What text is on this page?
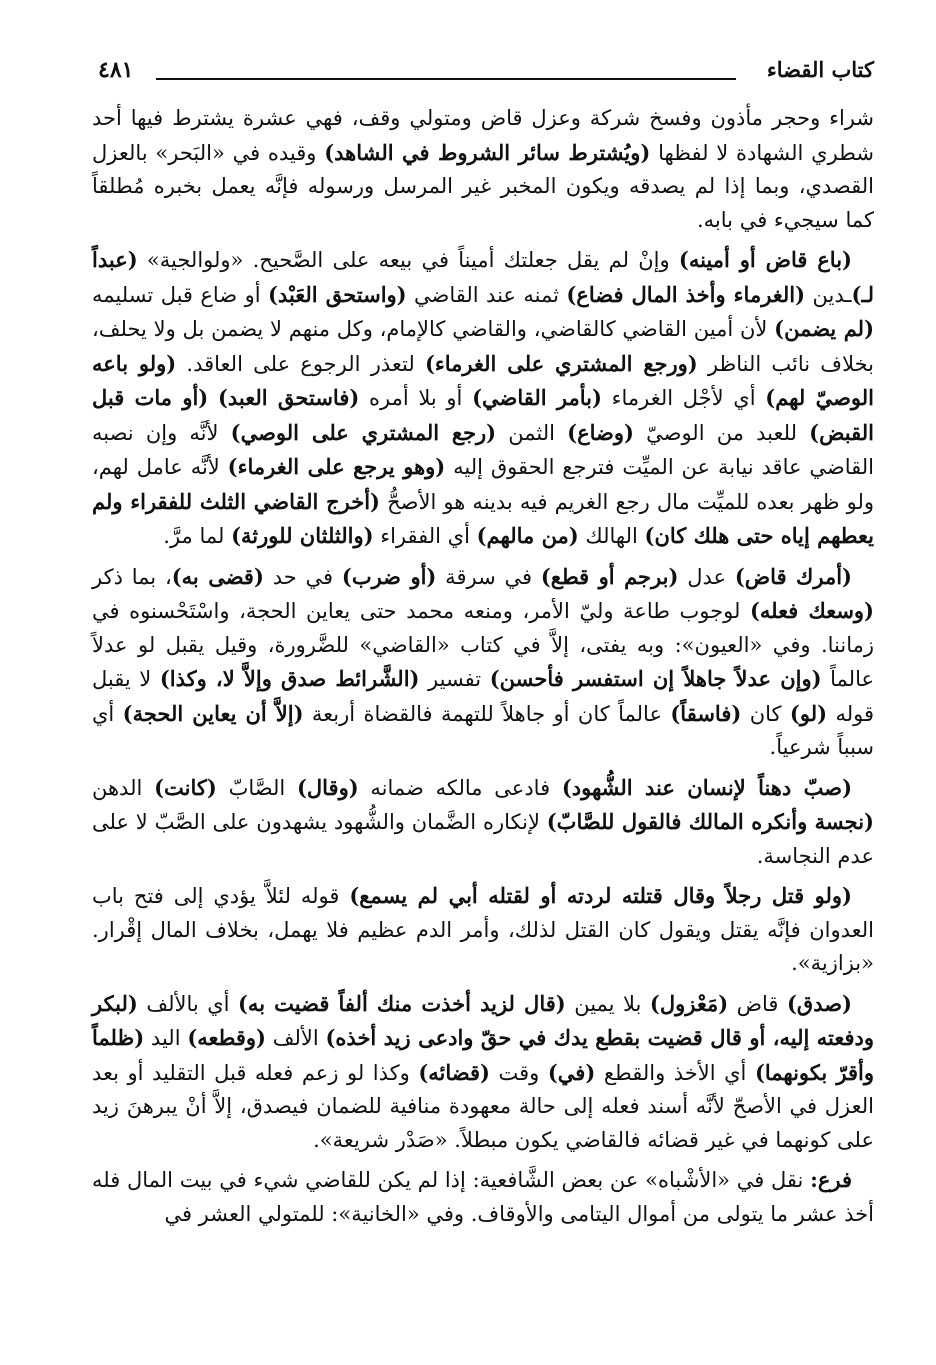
كتاب القضاء
٤٨١

شراء وحجر مأذون وفسخ شركة وعزل قاض ومتولي وقف، فهي عشرة يشترط فيها أحد شطري الشهادة لا لفظها (ويُشترط سائر الشروط في الشاهد) وقيده في «البَحر» بالعزل القصدي، وبما إذا لم يصدقه ويكون المخبر غير المرسل ورسوله فإنَّه يعمل بخبره مُطلقاً كما سيجيء في بابه.

(باع قاض أو أمينه) وإنْ لم يقل جعلتك أميناً في بيعه على الصَّحيح. «ولوالجية» (عبداً لـ)ـدين (الغرماء وأخذ المال فضاع) ثمنه عند القاضي (واستحق العَبْد) أو ضاع قبل تسليمه (لم يضمن) لأن أمين القاضي كالقاضي، والقاضي كالإمام، وكل منهم لا يضمن بل ولا يحلف، بخلاف نائب الناظر (ورجع المشتري على الغرماء) لتعذر الرجوع على العاقد. (ولو باعه الوصيّ لهم) أي لأجْل الغرماء (بأمر القاضي) أو بلا أمره (فاستحق العبد) (أو مات قبل القبض) للعبد من الوصيّ (وضاع) الثمن (رجع المشتري على الوصي) لأنَّه وإن نصبه القاضي عاقد نيابة عن الميِّت فترجع الحقوق إليه (وهو يرجع على الغرماء) لأنَّه عامل لهم، ولو ظهر بعده للميِّت مال رجع الغريم فيه بدينه هو الأصحُّ (أخرج القاضي الثلث للفقراء ولم يعطهم إياه حتى هلك كان) الهالك (من مالهم) أي الفقراء (والثلثان للورثة) لما مرَّ.

(أمرك قاض) عدل (برجم أو قطع) في سرقة (أو ضرب) في حد (قضى به)، بما ذكر (وسعك فعله) لوجوب طاعة وليّ الأمر، ومنعه محمد حتى يعاين الحجة، واسْتَحْسنوه في زماننا. وفي «العيون»: وبه يفتى، إلاَّ في كتاب «القاضي» للضَّرورة، وقيل يقبل لو عدلاً عالماً (وإن عدلاً جاهلاً إن استفسر فأحسن) تفسير (الشَّرائط صدق وإلاَّ لا، وكذا) لا يقبل قوله (لو) كان (فاسقاً) عالماً كان أو جاهلاً للتهمة فالقضاة أربعة (إلاَّ أن يعاين الحجة) أي سبباً شرعياً.

(صبّ دهناً لإنسان عند الشُّهود) فادعى مالكه ضمانه (وقال) الصَّابّ (كانت) الدهن (نجسة وأنكره المالك فالقول للصَّابّ) لإنكاره الضَّمان والشُّهود يشهدون على الصَّبّ لا على عدم النجاسة.

(ولو قتل رجلاً وقال قتلته لردته أو لقتله أبي لم يسمع) قوله لئلاَّ يؤدي إلى فتح باب العدوان فإنَّه يقتل ويقول كان القتل لذلك، وأمر الدم عظيم فلا يهمل، بخلاف المال إقْرار. «بزازية».

(صدق) قاض (مَعْزول) بلا يمين (قال لزيد أخذت منك ألفاً قضيت به) أي بالألف (لبكر ودفعته إليه، أو قال قضيت بقطع يدك في حقّ وادعى زيد أخذه) الألف (وقطعه) اليد (ظلماً وأقرّ بكونهما) أي الأخذ والقطع (في) وقت (قضائه) وكذا لو زعم فعله قبل التقليد أو بعد العزل في الأصحّ لأنَّه أسند فعله إلى حالة معهودة منافية للضمان فيصدق، إلاَّ أنْ يبرهنَ زيد على كونهما في غير قضائه فالقاضي يكون مبطلاً. «صَدْر شريعة».

فرع: نقل في «الأشْباه» عن بعض الشَّافعية: إذا لم يكن للقاضي شيء في بيت المال فله أخذ عشر ما يتولى من أموال اليتامى والأوقاف. وفي «الخانية»: للمتولي العشر في
